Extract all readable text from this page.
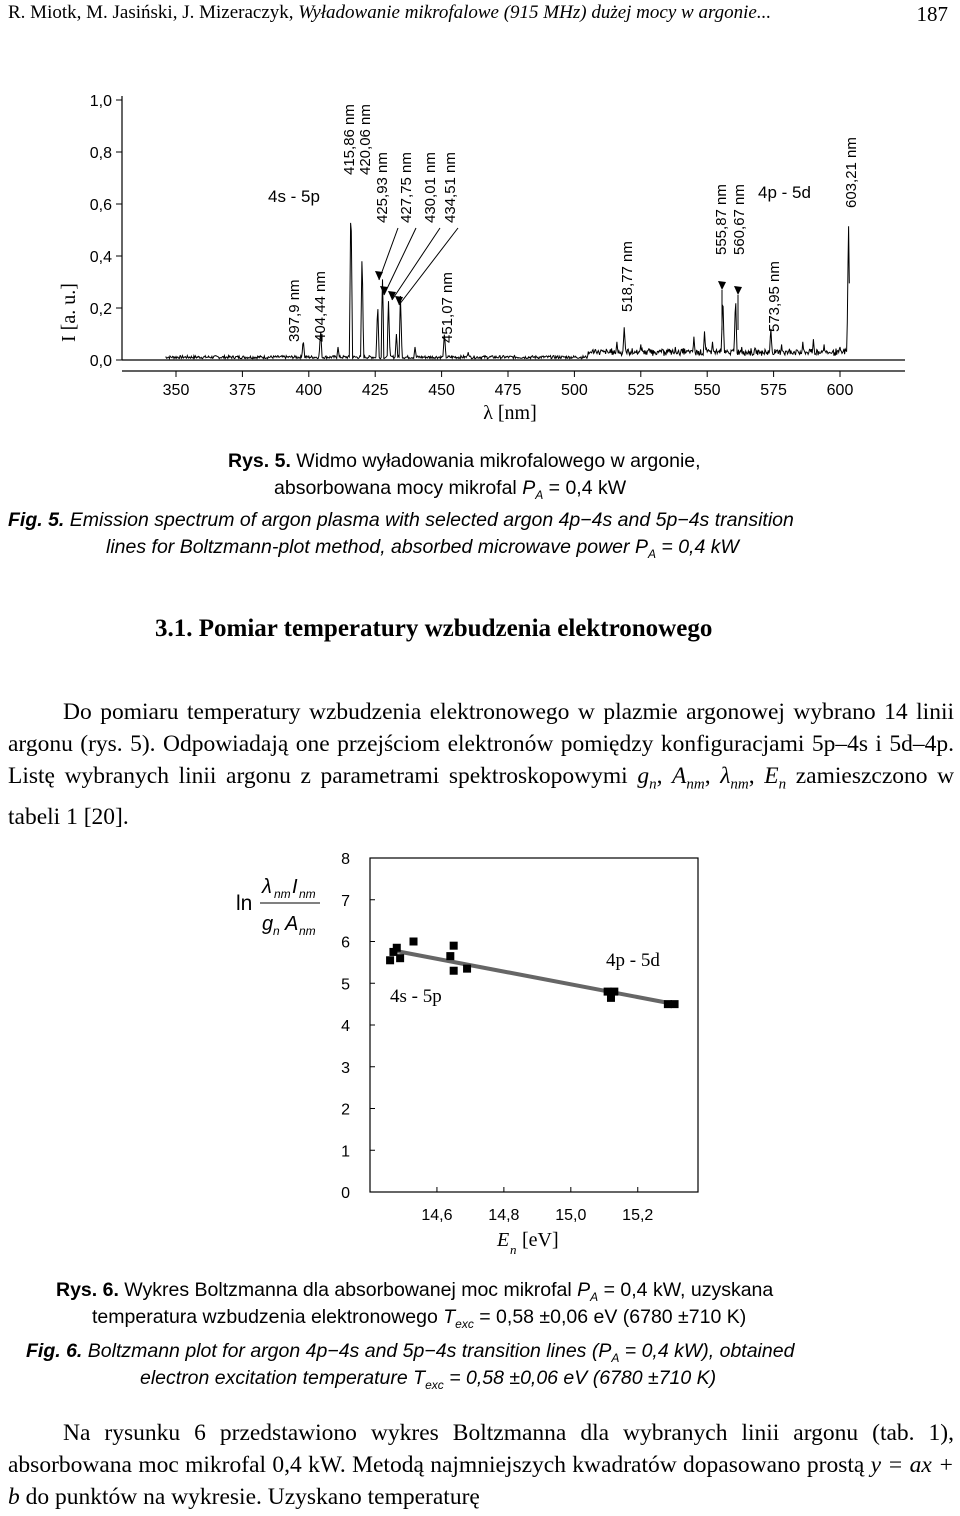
R. Miotk, M. Jasiński, J. Mizeraczyk, Wyładowanie mikrofalowe (915 MHz) dużej mocy w argonie...	187
0,0
0,2
0,4
0,6
0,8
1,0
350 375 400 425 450 475 500 525 550 575 600
397,9 nm 404,44 nm
415,86 nm 420,06 nm
425,93 nm 427,75 nm 430,01 nm 434,51 nm
451,07 nm	518,77 nm
555,87 nm 560,67 nm
573,95 nm
603,21 nm
I [a. u.]
λ [nm]
4s - 5p	4p - 5d
Rys. 5. Widmo wyładowania mikrofalowego w argonie,
absorbowana mocy mikrofal $P_A = 0,4$ kW
Fig. 5. Emission spectrum of argon plasma with selected argon 4p−4s and 5p−4s transition
lines for Boltzmann-plot method, absorbed microwave power $P_A = 0,4$ kW
3.1. Pomiar temperatury wzbudzenia elektronowego
Do pomiaru temperatury wzbudzenia elektronowego w plazmie argonowej wybrano 14 linii argonu (rys. 5). Odpowiadają one przejściom elektronów pomiędzy konfiguracjami 5p–4s i 5d–4p. Listę wybranych linii argonu z parametrami spektroskopowymi $g_n$, $A_{nm}$, $\lambda_{nm}$, $E_n$ zamieszczono w tabeli 1 [20].
0
1
2
3
4
5
6
7
8
14,6 14,8 15,0 15,2
4s - 5p
4p - 5d
E n [eV]
ln
λ nm I nm
g n A nm
Rys. 6. Wykres Boltzmanna dla absorbowanej moc mikrofal $P_A = 0,4$ kW, uzyskana
temperatura wzbudzenia elektronowego $T_{exc} = 0,58 \pm 0,06$ eV (6780 ±710 K)
Fig. 6. Boltzmann plot for argon 4p−4s and 5p−4s transition lines ($P_A = 0,4$ kW), obtained
electron excitation temperature $T_{exc} = 0,58 \pm 0,06$ eV (6780 ±710 K)
Na rysunku 6 przedstawiono wykres Boltzmanna dla wybranych linii argonu (tab. 1), absorbowana moc mikrofal 0,4 kW. Metodą najmniejszych kwadratów dopasowano prostą y = ax + b do punktów na wykresie. Uzyskano temperaturę
